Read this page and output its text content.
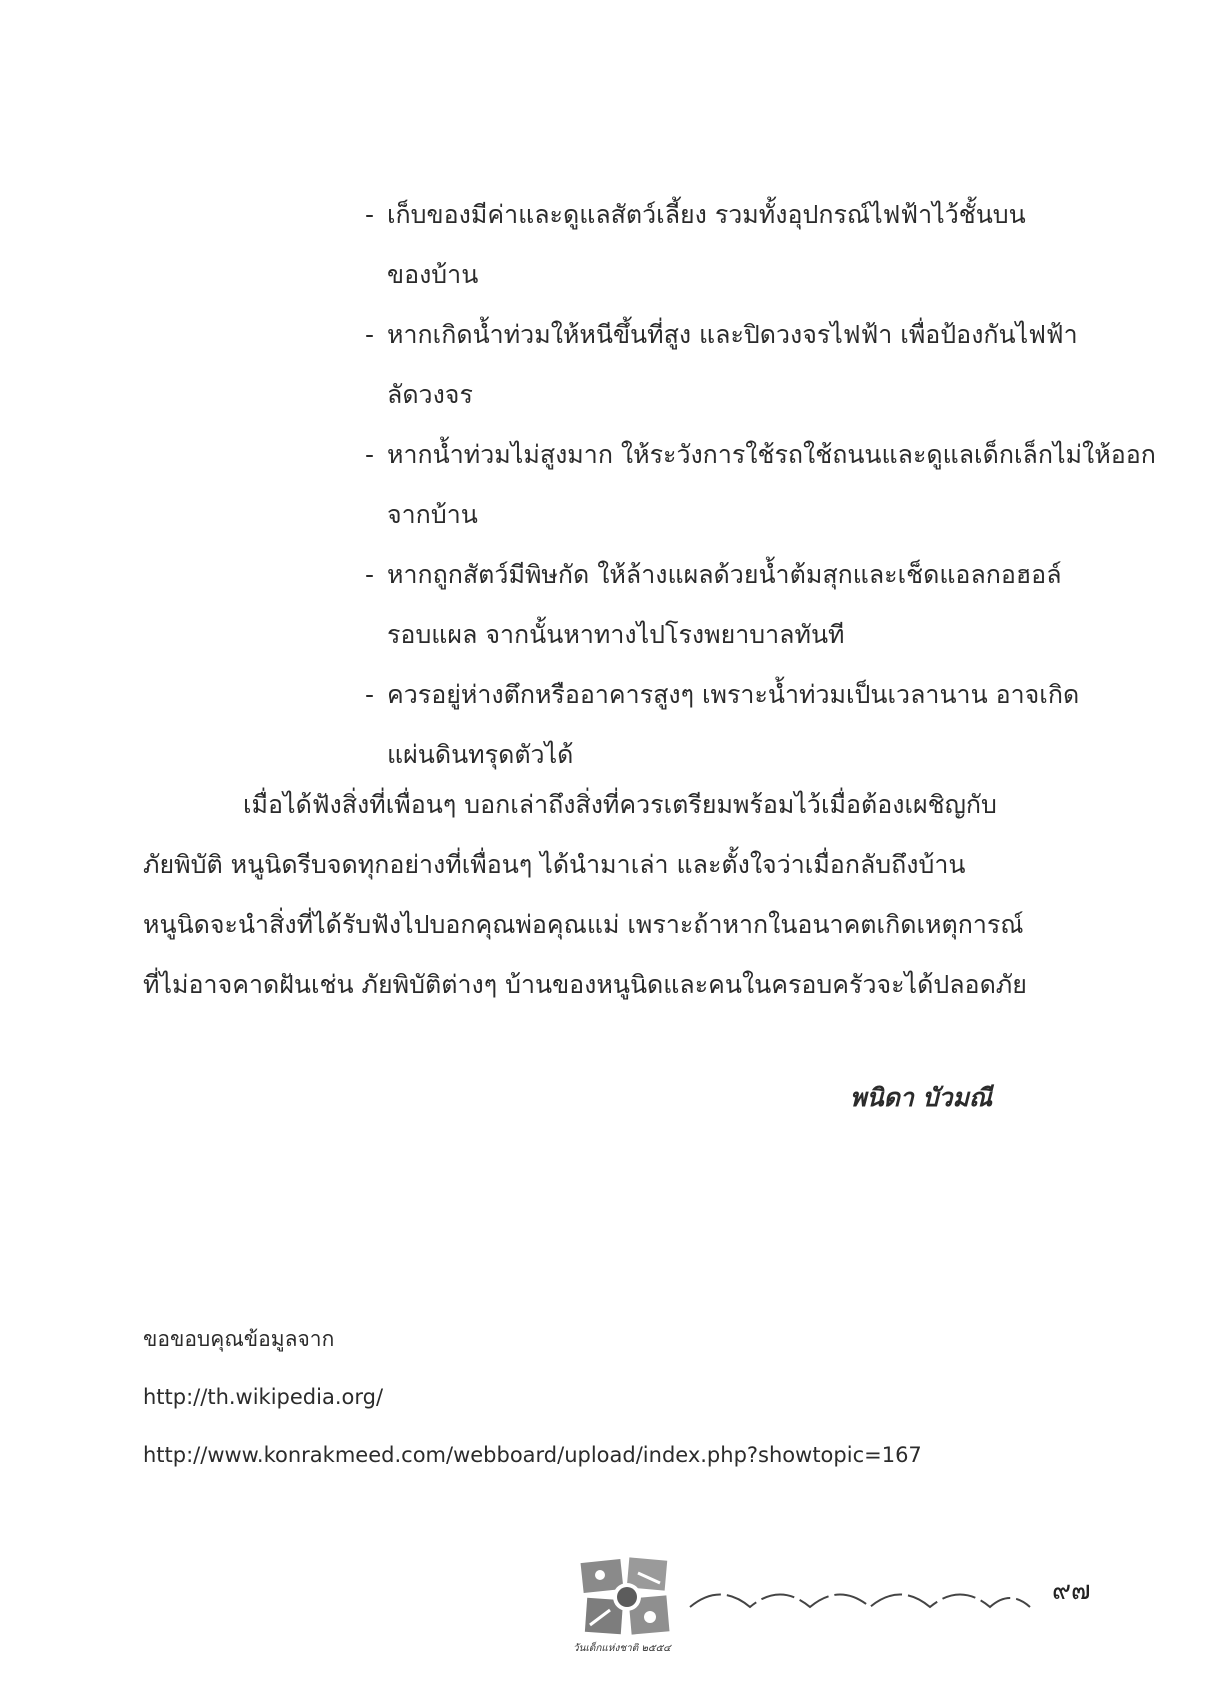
- เก็บของมีค่าและดูแลสัตว์เลี้ยง รวมทั้งอุปกรณ์ไฟฟ้าไว้ชั้นบน
ของบ้าน
- หากเกิดน้ำท่วมให้หนีขึ้นที่สูง และปิดวงจรไฟฟ้า เพื่อป้องกันไฟฟ้า
ลัดวงจร
- หากน้ำท่วมไม่สูงมาก ให้ระวังการใช้รถใช้ถนนและดูแลเด็กเล็กไม่ให้ออก
จากบ้าน
- หากถูกสัตว์มีพิษกัด ให้ล้างแผลด้วยน้ำต้มสุกและเช็ดแอลกอฮอล์
รอบแผล จากนั้นหาทางไปโรงพยาบาลทันที
- ควรอยู่ห่างตึกหรืออาคารสูงๆ เพราะน้ำท่วมเป็นเวลานาน อาจเกิด
แผ่นดินทรุดตัวได้
เมื่อได้ฟังสิ่งที่เพื่อนๆ บอกเล่าถึงสิ่งที่ควรเตรียมพร้อมไว้เมื่อต้องเผชิญกับ
ภัยพิบัติ หนูนิดรีบจดทุกอย่างที่เพื่อนๆ ได้นำมาเล่า และตั้งใจว่าเมื่อกลับถึงบ้าน
หนูนิดจะนำสิ่งที่ได้รับฟังไปบอกคุณพ่อคุณแม่ เพราะถ้าหากในอนาคตเกิดเหตุการณ์
ที่ไม่อาจคาดฝันเช่น ภัยพิบัติต่างๆ บ้านของหนูนิดและคนในครอบครัวจะได้ปลอดภัย
พนิดา บัวมณี
ขอขอบคุณข้อมูลจาก
http://th.wikipedia.org/
http://www.konrakmeed.com/webboard/upload/index.php?showtopic=167
วันเด็กแห่งชาติ ๒๕๕๔
๙๗
